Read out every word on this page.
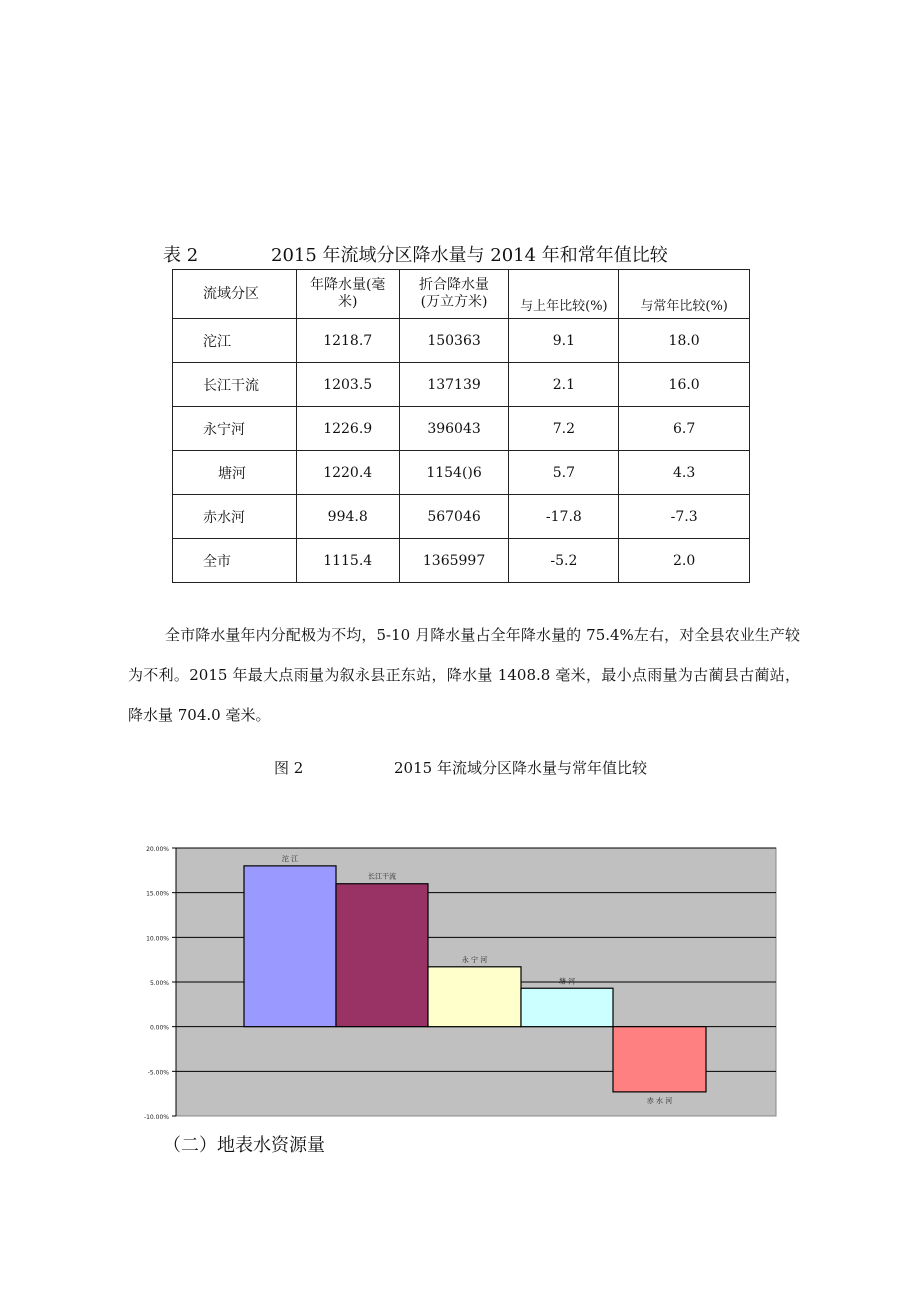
表 2	2015 年流域分区降水量与 2014 年和常年值比较
流域分区	年降水量(毫米)	折合降水量(万立方米)	与上年比较(%)	与常年比较(%)
沱江	1218.7	150363	9.1	18.0
长江干流	1203.5	137139	2.1	16.0
永宁河	1226.9	396043	7.2	6.7
塘河	1220.4	1154()6	5.7	4.3
赤水河	994.8	567046	-17.8	-7.3
全市	1115.4	1365997	-5.2	2.0

全市降水量年内分配极为不均，5-10 月降水量占全年降水量的 75.4%左右，对全县农业生产较为不利。2015 年最大点雨量为叙永县正东站，降水量 1408.8 毫米，最小点雨量为古蔺县古蔺站，降水量 704.0 毫米。

图 2	2015 年流域分区降水量与常年值比较
20.00%
15.00%
10.00%
5.00%
0.00%
-5.00%
-10.00%
沱 江
长江干流
永 宁 河
塘 河
赤 水 河
（二）地表水资源量
